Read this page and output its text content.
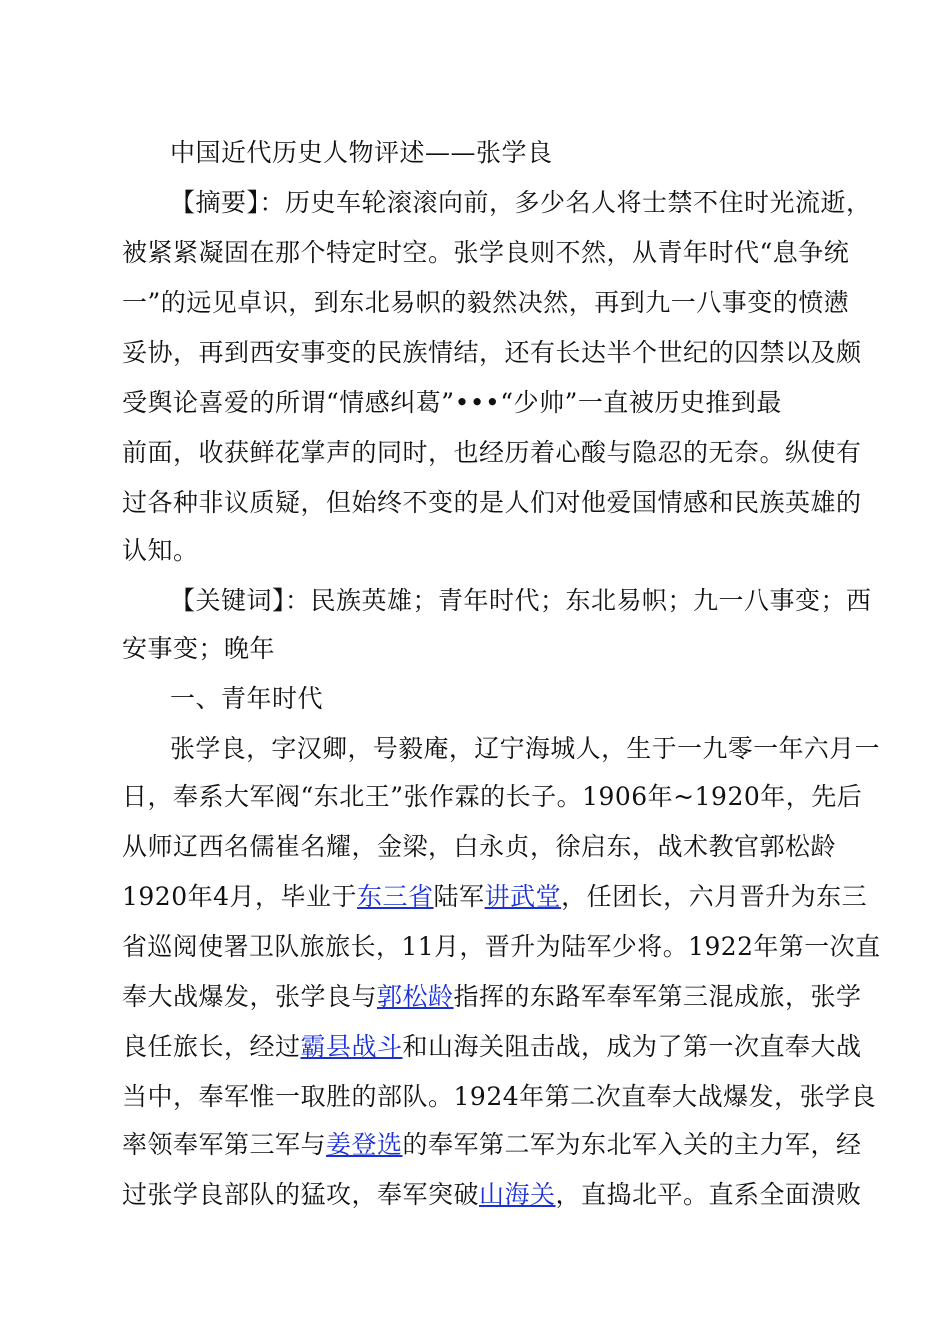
中国近代历史人物评述——张学良
【摘要】：历史车轮滚滚向前，多少名人将士禁不住时光流逝，
被紧紧凝固在那个特定时空。张学良则不然，从青年时代“息争统
一”的远见卓识，到东北易帜的毅然决然，再到九一八事变的愤懑
妥协，再到西安事变的民族情结，还有长达半个世纪的囚禁以及颇
受舆论喜爱的所谓“情感纠葛”•••“少帅”一直被历史推到最
前面，收获鲜花掌声的同时，也经历着心酸与隐忍的无奈。纵使有
过各种非议质疑，但始终不变的是人们对他爱国情感和民族英雄的
认知。
【关键词】：民族英雄；青年时代；东北易帜；九一八事变；西
安事变；晚年
一、青年时代
张学良，字汉卿，号毅庵，辽宁海城人，生于一九零一年六月一
日，奉系大军阀“东北王”张作霖的长子。1906年~1920年，先后
从师辽西名儒崔名耀，金梁，白永贞，徐启东，战术教官郭松龄
1920年4月，毕业于东三省陆军讲武堂，任团长，六月晋升为东三
省巡阅使署卫队旅旅长，11月，晋升为陆军少将。1922年第一次直
奉大战爆发，张学良与郭松龄指挥的东路军奉军第三混成旅，张学
良任旅长，经过霸县战斗和山海关阻击战，成为了第一次直奉大战
当中，奉军惟一取胜的部队。1924年第二次直奉大战爆发，张学良
率领奉军第三军与姜登选的奉军第二军为东北军入关的主力军，经
过张学良部队的猛攻，奉军突破山海关，直捣北平。直系全面溃败
